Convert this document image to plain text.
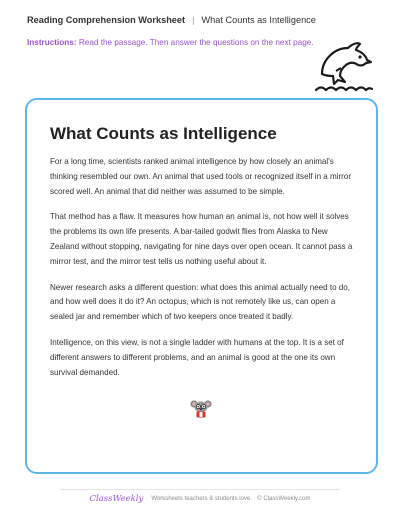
Reading Comprehension Worksheet | What Counts as Intelligence
Instructions: Read the passage. Then answer the questions on the next page.
What Counts as Intelligence

For a long time, scientists ranked animal intelligence by how closely an animal's thinking resembled our own. An animal that used tools or recognized itself in a mirror scored well. An animal that did neither was assumed to be simple.

That method has a flaw. It measures how human an animal is, not how well it solves the problems its own life presents. A bar-tailed godwit flies from Alaska to New Zealand without stopping, navigating for nine days over open ocean. It cannot pass a mirror test, and the mirror test tells us nothing useful about it.

Newer research asks a different question: what does this animal actually need to do, and how well does it do it? An octopus, which is not remotely like us, can open a sealed jar and remember which of two keepers once treated it badly.

Intelligence, on this view, is not a single ladder with humans at the top. It is a set of different answers to different problems, and an animal is good at the one its own survival demanded.

ClassWeekly Worksheets teachers & students love. · © ClassWeekly.com
